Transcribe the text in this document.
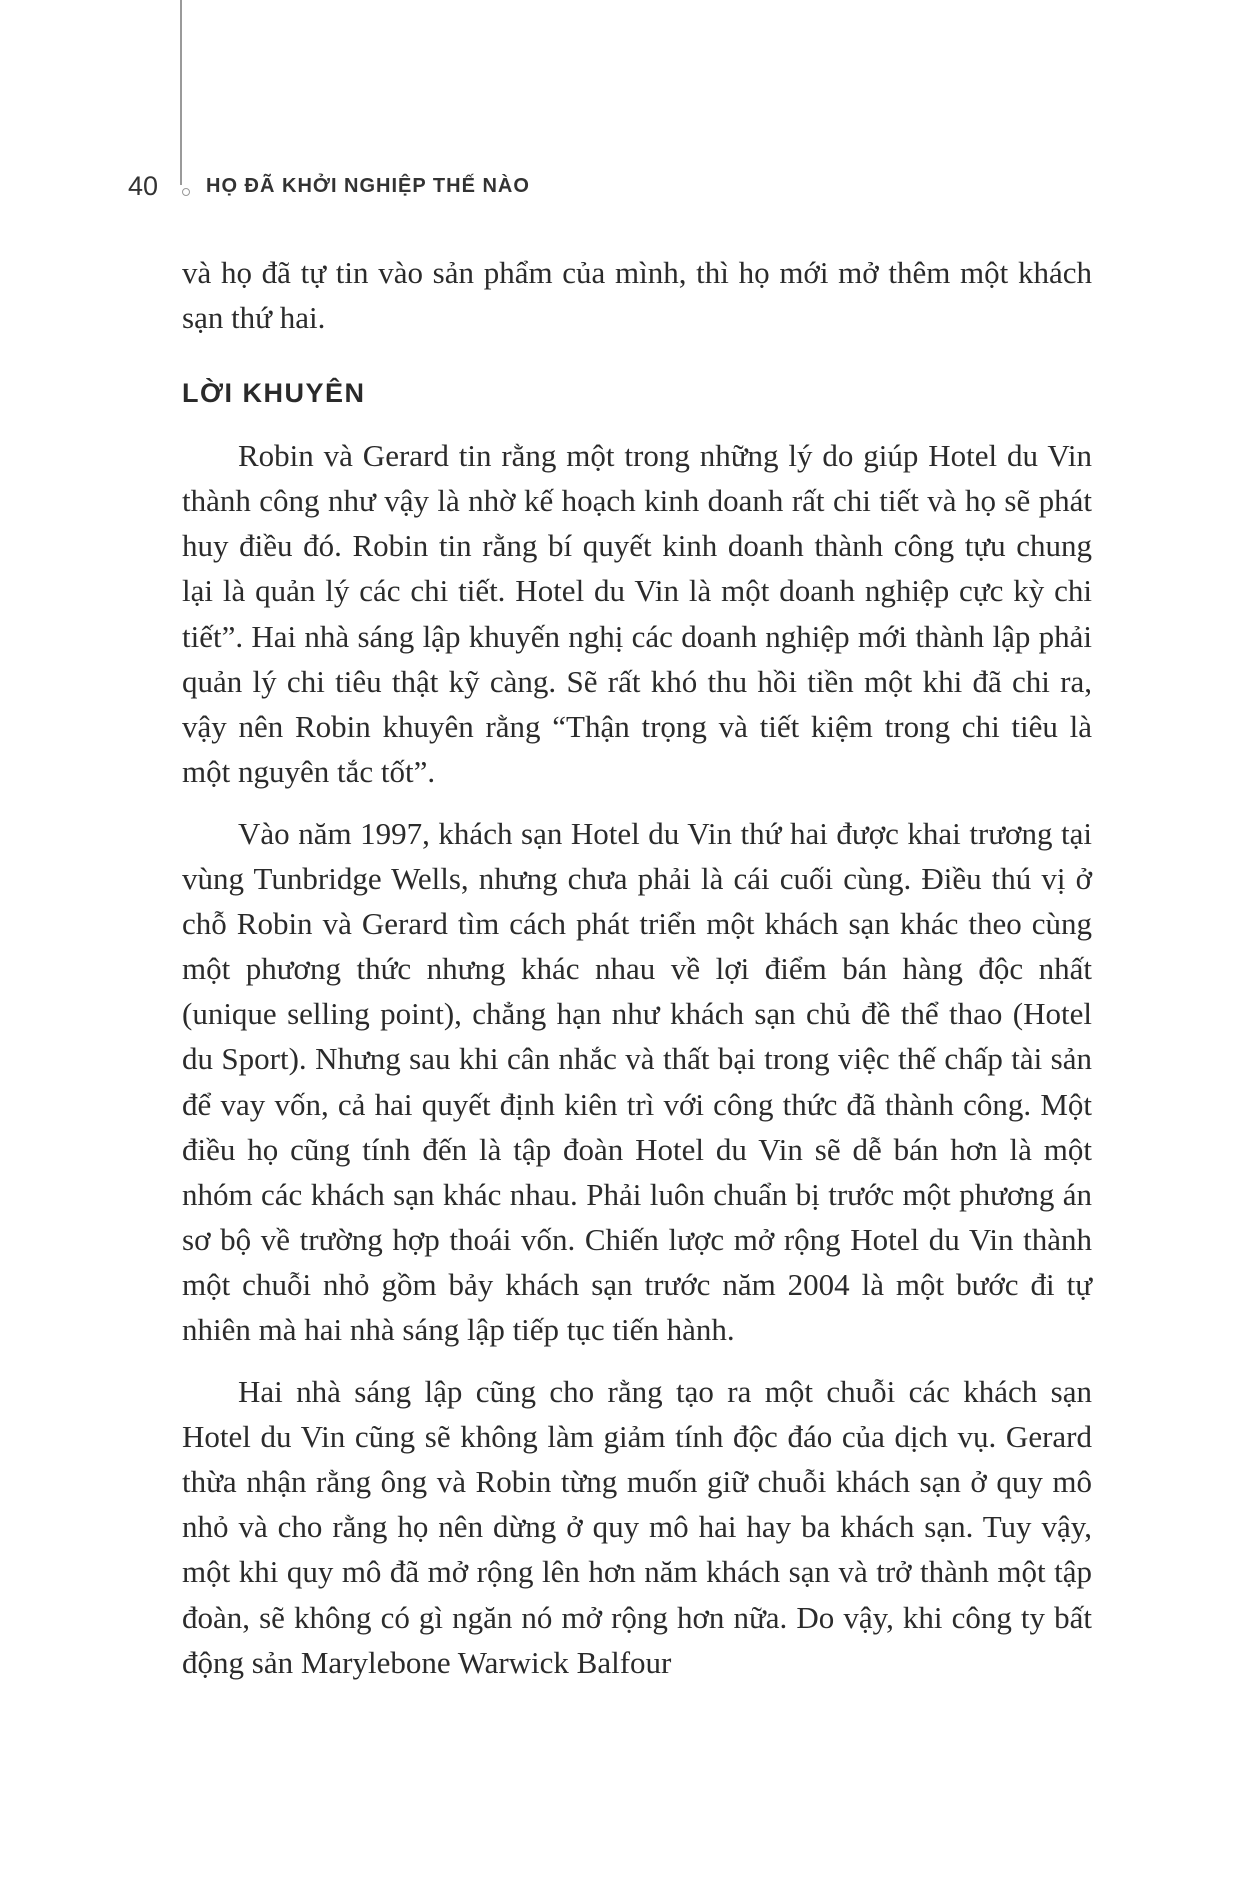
40	HỌ ĐÃ KHỞI NGHIỆP THẾ NÀO

và họ đã tự tin vào sản phẩm của mình, thì họ mới mở thêm một khách sạn thứ hai.

LỜI KHUYÊN

Robin và Gerard tin rằng một trong những lý do giúp Hotel du Vin thành công như vậy là nhờ kế hoạch kinh doanh rất chi tiết và họ sẽ phát huy điều đó. Robin tin rằng bí quyết kinh doanh thành công tựu chung lại là quản lý các chi tiết. Hotel du Vin là một doanh nghiệp cực kỳ chi tiết”. Hai nhà sáng lập khuyến nghị các doanh nghiệp mới thành lập phải quản lý chi tiêu thật kỹ càng. Sẽ rất khó thu hồi tiền một khi đã chi ra, vậy nên Robin khuyên rằng “Thận trọng và tiết kiệm trong chi tiêu là một nguyên tắc tốt”.

Vào năm 1997, khách sạn Hotel du Vin thứ hai được khai trương tại vùng Tunbridge Wells, nhưng chưa phải là cái cuối cùng. Điều thú vị ở chỗ Robin và Gerard tìm cách phát triển một khách sạn khác theo cùng một phương thức nhưng khác nhau về lợi điểm bán hàng độc nhất (unique selling point), chẳng hạn như khách sạn chủ đề thể thao (Hotel du Sport). Nhưng sau khi cân nhắc và thất bại trong việc thế chấp tài sản để vay vốn, cả hai quyết định kiên trì với công thức đã thành công. Một điều họ cũng tính đến là tập đoàn Hotel du Vin sẽ dễ bán hơn là một nhóm các khách sạn khác nhau. Phải luôn chuẩn bị trước một phương án sơ bộ về trường hợp thoái vốn. Chiến lược mở rộng Hotel du Vin thành một chuỗi nhỏ gồm bảy khách sạn trước năm 2004 là một bước đi tự nhiên mà hai nhà sáng lập tiếp tục tiến hành.

Hai nhà sáng lập cũng cho rằng tạo ra một chuỗi các khách sạn Hotel du Vin cũng sẽ không làm giảm tính độc đáo của dịch vụ. Gerard thừa nhận rằng ông và Robin từng muốn giữ chuỗi khách sạn ở quy mô nhỏ và cho rằng họ nên dừng ở quy mô hai hay ba khách sạn. Tuy vậy, một khi quy mô đã mở rộng lên hơn năm khách sạn và trở thành một tập đoàn, sẽ không có gì ngăn nó mở rộng hơn nữa. Do vậy, khi công ty bất động sản Marylebone Warwick Balfour
